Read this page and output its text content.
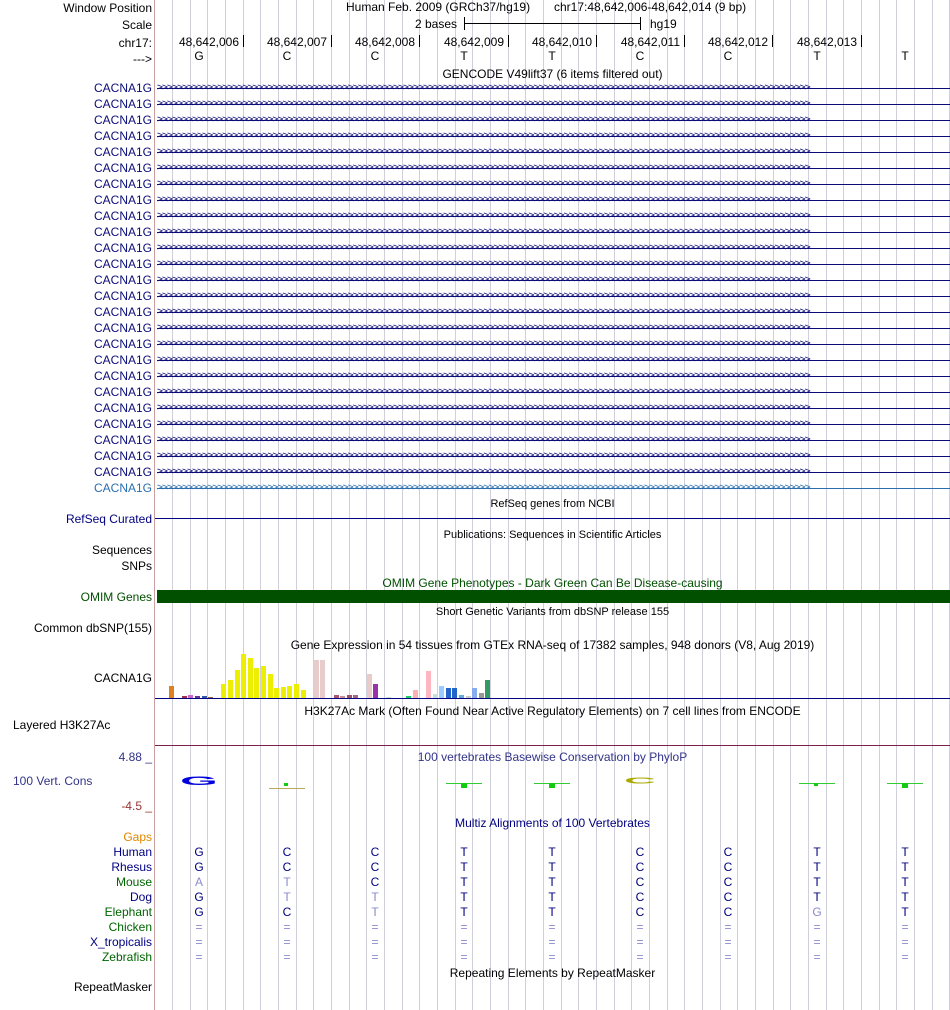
Window Position	Human Feb. 2009 (GRCh37/hg19) chr17:48,642,006-48,642,014 (9 bp)
Scale	2 bases	hg19
chr17: 48,642,006 48,642,007 48,642,008 48,642,009 48,642,010 48,642,011 48,642,012 48,642,013
--->	G	C	C	T	T	C	C	T	T
GENCODE V49lift37 (6 items filtered out)
CACNA1G >>>>>>>>>>>>>>>>>>>>>>>>>>>>>>>>>>>>>>>>>>>>>>>>>>>>>>>>>>>>>>>>>>>>>>>>>>>>>>>>>>>>>>>>>>>>>>>>>>>>>>>>>>>>>>>>>>>>>>>>>>>>>>>>>>
CACNA1G >>>>>>>>>>>>>>>>>>>>>>>>>>>>>>>>>>>>>>>>>>>>>>>>>>>>>>>>>>>>>>>>>>>>>>>>>>>>>>>>>>>>>>>>>>>>>>>>>>>>>>>>>>>>>>>>>>>>>>>>>>>>>>>>>>
CACNA1G >>>>>>>>>>>>>>>>>>>>>>>>>>>>>>>>>>>>>>>>>>>>>>>>>>>>>>>>>>>>>>>>>>>>>>>>>>>>>>>>>>>>>>>>>>>>>>>>>>>>>>>>>>>>>>>>>>>>>>>>>>>>>>>>>>
CACNA1G >>>>>>>>>>>>>>>>>>>>>>>>>>>>>>>>>>>>>>>>>>>>>>>>>>>>>>>>>>>>>>>>>>>>>>>>>>>>>>>>>>>>>>>>>>>>>>>>>>>>>>>>>>>>>>>>>>>>>>>>>>>>>>>>>>
CACNA1G >>>>>>>>>>>>>>>>>>>>>>>>>>>>>>>>>>>>>>>>>>>>>>>>>>>>>>>>>>>>>>>>>>>>>>>>>>>>>>>>>>>>>>>>>>>>>>>>>>>>>>>>>>>>>>>>>>>>>>>>>>>>>>>>>>
CACNA1G >>>>>>>>>>>>>>>>>>>>>>>>>>>>>>>>>>>>>>>>>>>>>>>>>>>>>>>>>>>>>>>>>>>>>>>>>>>>>>>>>>>>>>>>>>>>>>>>>>>>>>>>>>>>>>>>>>>>>>>>>>>>>>>>>>
CACNA1G >>>>>>>>>>>>>>>>>>>>>>>>>>>>>>>>>>>>>>>>>>>>>>>>>>>>>>>>>>>>>>>>>>>>>>>>>>>>>>>>>>>>>>>>>>>>>>>>>>>>>>>>>>>>>>>>>>>>>>>>>>>>>>>>>>
CACNA1G >>>>>>>>>>>>>>>>>>>>>>>>>>>>>>>>>>>>>>>>>>>>>>>>>>>>>>>>>>>>>>>>>>>>>>>>>>>>>>>>>>>>>>>>>>>>>>>>>>>>>>>>>>>>>>>>>>>>>>>>>>>>>>>>>>
CACNA1G >>>>>>>>>>>>>>>>>>>>>>>>>>>>>>>>>>>>>>>>>>>>>>>>>>>>>>>>>>>>>>>>>>>>>>>>>>>>>>>>>>>>>>>>>>>>>>>>>>>>>>>>>>>>>>>>>>>>>>>>>>>>>>>>>>
CACNA1G >>>>>>>>>>>>>>>>>>>>>>>>>>>>>>>>>>>>>>>>>>>>>>>>>>>>>>>>>>>>>>>>>>>>>>>>>>>>>>>>>>>>>>>>>>>>>>>>>>>>>>>>>>>>>>>>>>>>>>>>>>>>>>>>>>
CACNA1G >>>>>>>>>>>>>>>>>>>>>>>>>>>>>>>>>>>>>>>>>>>>>>>>>>>>>>>>>>>>>>>>>>>>>>>>>>>>>>>>>>>>>>>>>>>>>>>>>>>>>>>>>>>>>>>>>>>>>>>>>>>>>>>>>>
CACNA1G >>>>>>>>>>>>>>>>>>>>>>>>>>>>>>>>>>>>>>>>>>>>>>>>>>>>>>>>>>>>>>>>>>>>>>>>>>>>>>>>>>>>>>>>>>>>>>>>>>>>>>>>>>>>>>>>>>>>>>>>>>>>>>>>>>
CACNA1G >>>>>>>>>>>>>>>>>>>>>>>>>>>>>>>>>>>>>>>>>>>>>>>>>>>>>>>>>>>>>>>>>>>>>>>>>>>>>>>>>>>>>>>>>>>>>>>>>>>>>>>>>>>>>>>>>>>>>>>>>>>>>>>>>>
CACNA1G >>>>>>>>>>>>>>>>>>>>>>>>>>>>>>>>>>>>>>>>>>>>>>>>>>>>>>>>>>>>>>>>>>>>>>>>>>>>>>>>>>>>>>>>>>>>>>>>>>>>>>>>>>>>>>>>>>>>>>>>>>>>>>>>>>
CACNA1G >>>>>>>>>>>>>>>>>>>>>>>>>>>>>>>>>>>>>>>>>>>>>>>>>>>>>>>>>>>>>>>>>>>>>>>>>>>>>>>>>>>>>>>>>>>>>>>>>>>>>>>>>>>>>>>>>>>>>>>>>>>>>>>>>>
CACNA1G >>>>>>>>>>>>>>>>>>>>>>>>>>>>>>>>>>>>>>>>>>>>>>>>>>>>>>>>>>>>>>>>>>>>>>>>>>>>>>>>>>>>>>>>>>>>>>>>>>>>>>>>>>>>>>>>>>>>>>>>>>>>>>>>>>
CACNA1G >>>>>>>>>>>>>>>>>>>>>>>>>>>>>>>>>>>>>>>>>>>>>>>>>>>>>>>>>>>>>>>>>>>>>>>>>>>>>>>>>>>>>>>>>>>>>>>>>>>>>>>>>>>>>>>>>>>>>>>>>>>>>>>>>>
CACNA1G >>>>>>>>>>>>>>>>>>>>>>>>>>>>>>>>>>>>>>>>>>>>>>>>>>>>>>>>>>>>>>>>>>>>>>>>>>>>>>>>>>>>>>>>>>>>>>>>>>>>>>>>>>>>>>>>>>>>>>>>>>>>>>>>>>
CACNA1G >>>>>>>>>>>>>>>>>>>>>>>>>>>>>>>>>>>>>>>>>>>>>>>>>>>>>>>>>>>>>>>>>>>>>>>>>>>>>>>>>>>>>>>>>>>>>>>>>>>>>>>>>>>>>>>>>>>>>>>>>>>>>>>>>>
CACNA1G >>>>>>>>>>>>>>>>>>>>>>>>>>>>>>>>>>>>>>>>>>>>>>>>>>>>>>>>>>>>>>>>>>>>>>>>>>>>>>>>>>>>>>>>>>>>>>>>>>>>>>>>>>>>>>>>>>>>>>>>>>>>>>>>>>
CACNA1G >>>>>>>>>>>>>>>>>>>>>>>>>>>>>>>>>>>>>>>>>>>>>>>>>>>>>>>>>>>>>>>>>>>>>>>>>>>>>>>>>>>>>>>>>>>>>>>>>>>>>>>>>>>>>>>>>>>>>>>>>>>>>>>>>>
CACNA1G >>>>>>>>>>>>>>>>>>>>>>>>>>>>>>>>>>>>>>>>>>>>>>>>>>>>>>>>>>>>>>>>>>>>>>>>>>>>>>>>>>>>>>>>>>>>>>>>>>>>>>>>>>>>>>>>>>>>>>>>>>>>>>>>>>
CACNA1G >>>>>>>>>>>>>>>>>>>>>>>>>>>>>>>>>>>>>>>>>>>>>>>>>>>>>>>>>>>>>>>>>>>>>>>>>>>>>>>>>>>>>>>>>>>>>>>>>>>>>>>>>>>>>>>>>>>>>>>>>>>>>>>>>>
CACNA1G >>>>>>>>>>>>>>>>>>>>>>>>>>>>>>>>>>>>>>>>>>>>>>>>>>>>>>>>>>>>>>>>>>>>>>>>>>>>>>>>>>>>>>>>>>>>>>>>>>>>>>>>>>>>>>>>>>>>>>>>>>>>>>>>>>
CACNA1G >>>>>>>>>>>>>>>>>>>>>>>>>>>>>>>>>>>>>>>>>>>>>>>>>>>>>>>>>>>>>>>>>>>>>>>>>>>>>>>>>>>>>>>>>>>>>>>>>>>>>>>>>>>>>>>>>>>>>>>>>>>>>>>>>>
CACNA1G >>>>>>>>>>>>>>>>>>>>>>>>>>>>>>>>>>>>>>>>>>>>>>>>>>>>>>>>>>>>>>>>>>>>>>>>>>>>>>>>>>>>>>>>>>>>>>>>>>>>>>>>>>>>>>>>>>>>>>>>>>>>>>>>>>
RefSeq genes from NCBI
RefSeq Curated
Publications: Sequences in Scientific Articles
Sequences
SNPs
OMIM Gene Phenotypes - Dark Green Can Be Disease-causing
OMIM Genes
Short Genetic Variants from dbSNP release 155
Common dbSNP(155)
Gene Expression in 54 tissues from GTEx RNA-seq of 17382 samples, 948 donors (V8, Aug 2019)
CACNA1G
H3K27Ac Mark (Often Found Near Active Regulatory Elements) on 7 cell lines from ENCODE
Layered H3K27Ac
100 vertebrates Basewise Conservation by PhyloP
4.88 _
100 Vert. Cons
-4.5 _
G	C
Multiz Alignments of 100 Vertebrates
Gaps
Human	G	C	C	T	T	C	C	T	T
Rhesus	G	C	C	T	T	C	C	T	T
Mouse	A	T	C	T	T	C	C	T	T
Dog	G	T	T	T	T	C	C	T	T
Elephant	G	C	T	T	T	C	C	G	T
Chicken	=	=	=	=	=	=	=	=	=
X_tropicalis	=	=	=	=	=	=	=	=	=
Zebrafish	=	=	=	=	=	=	=	=	=
Repeating Elements by RepeatMasker
RepeatMasker
